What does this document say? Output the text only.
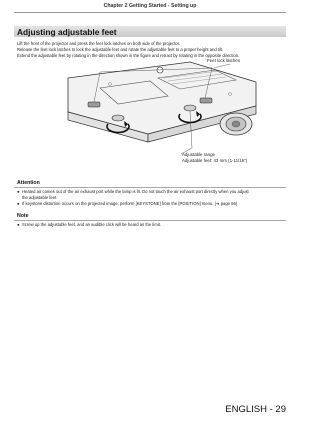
Chapter 2 Getting Started - Setting up
Adjusting adjustable feet
Lift the front of the projector and press the feet lock latches on both side of the projector.
Release the feet lock latches to lock the adjustable feet and rotate the adjustable feet to a proper height and tilt.
Extend the adjustable feet by rotating in the direction shown in the figure and retract by rotating in the opposite direction.
Feet lock latches
Adjustable range
Adjustable feet: 43 mm (1-11/16")
Attention
● Heated air comes out of the air exhaust port while the lamp is lit. Do not touch the air exhaust port directly when you adjust
the adjustable feet.
● If keystone distortion occurs on the projected image, perform [KEYSTONE] from the [POSITION] menu. (➔ page 56)
Note
● Screw up the adjustable feet, and an audible click will be heard as the limit.
ENGLISH - 29
